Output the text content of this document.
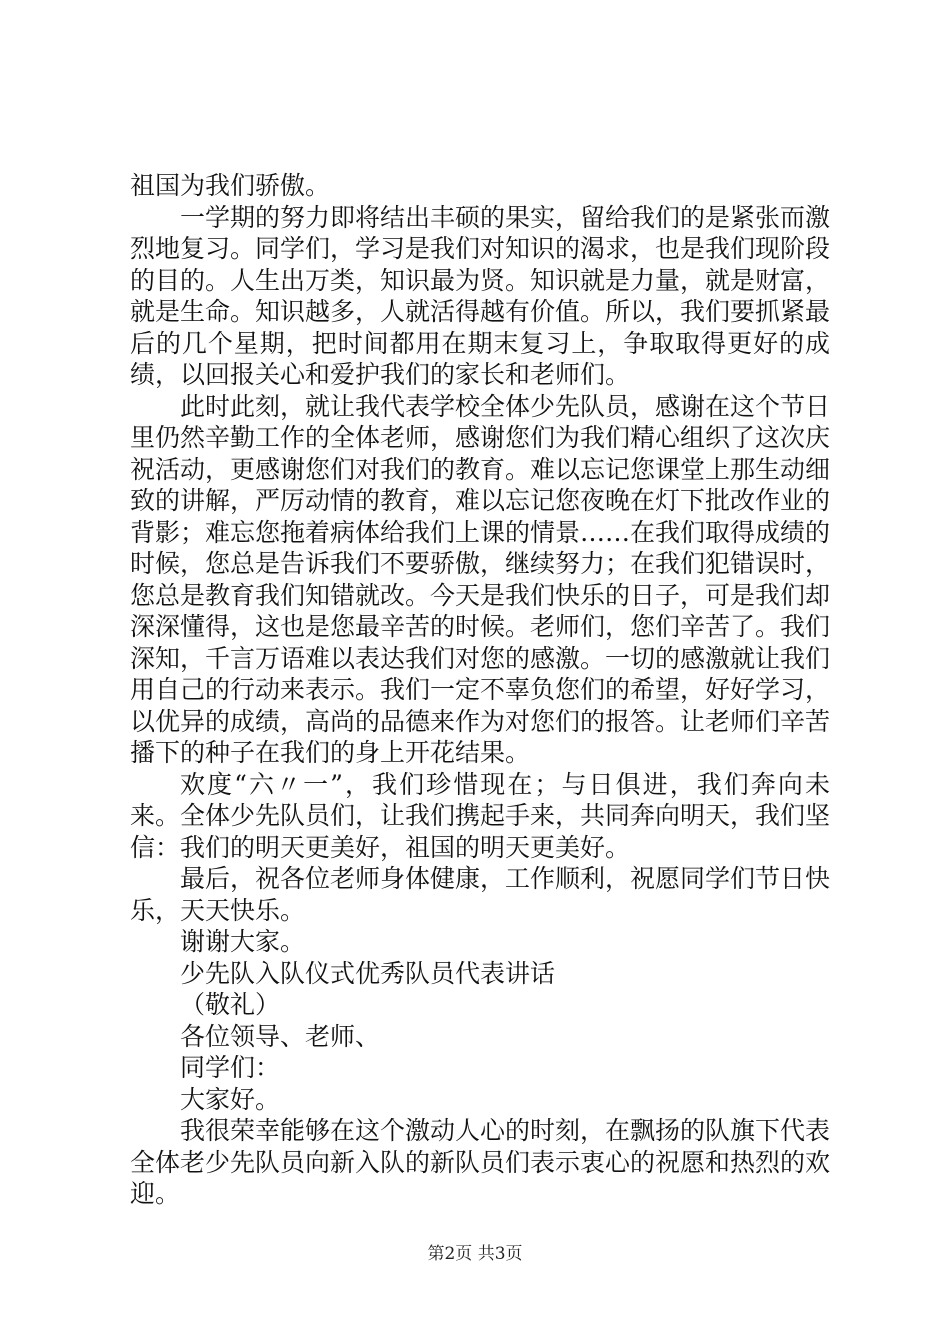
祖国为我们骄傲。

一学期的努力即将结出丰硕的果实，留给我们的是紧张而激烈地复习。同学们，学习是我们对知识的渴求，也是我们现阶段的目的。人生出万类，知识最为贤。知识就是力量，就是财富，就是生命。知识越多，人就活得越有价值。所以，我们要抓紧最后的几个星期，把时间都用在期末复习上，争取取得更好的成绩，以回报关心和爱护我们的家长和老师们。

此时此刻，就让我代表学校全体少先队员，感谢在这个节日里仍然辛勤工作的全体老师，感谢您们为我们精心组织了这次庆祝活动，更感谢您们对我们的教育。难以忘记您课堂上那生动细致的讲解，严厉动情的教育，难以忘记您夜晚在灯下批改作业的背影；难忘您拖着病体给我们上课的情景……在我们取得成绩的时候，您总是告诉我们不要骄傲，继续努力；在我们犯错误时，您总是教育我们知错就改。今天是我们快乐的日子，可是我们却深深懂得，这也是您最辛苦的时候。老师们，您们辛苦了。我们深知，千言万语难以表达我们对您的感激。一切的感激就让我们用自己的行动来表示。我们一定不辜负您们的希望，好好学习，以优异的成绩，高尚的品德来作为对您们的报答。让老师们辛苦播下的种子在我们的身上开花结果。

欢度“六〃一”，我们珍惜现在；与日俱进，我们奔向未来。全体少先队员们，让我们携起手来，共同奔向明天，我们坚信：我们的明天更美好，祖国的明天更美好。

最后，祝各位老师身体健康，工作顺利，祝愿同学们节日快乐，天天快乐。

谢谢大家。

少先队入队仪式优秀队员代表讲话

（敬礼）

各位领导、老师、

同学们：

大家好。

我很荣幸能够在这个激动人心的时刻，在飘扬的队旗下代表全体老少先队员向新入队的新队员们表示衷心的祝愿和热烈的欢迎。

第2页 共3页
